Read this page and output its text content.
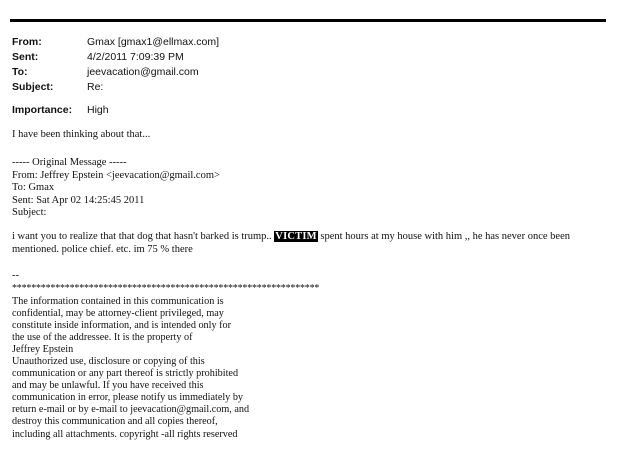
From:	Gmax [gmax1@ellmax.com]
Sent:	4/2/2011 7:09:39 PM
To:	jeevacation@gmail.com
Subject:	Re:
Importance: High
I have been thinking about that...
----- Original Message -----
From: Jeffrey Epstein <jeevacation@gmail.com>
To: Gmax
Sent: Sat Apr 02 14:25:45 2011
Subject:
i want you to realize that that dog that hasn't barked is trump.. VICTIM spent hours at my house with him ,, he has never once been mentioned. police chief. etc. im 75 % there
--
****************************************************************
The information contained in this communication is
confidential, may be attorney-client privileged, may
constitute inside information, and is intended only for
the use of the addressee. It is the property of
Jeffrey Epstein
Unauthorized use, disclosure or copying of this
communication or any part thereof is strictly prohibited
and may be unlawful. If you have received this
communication in error, please notify us immediately by
return e-mail or by e-mail to jeevacation@gmail.com, and
destroy this communication and all copies thereof,
including all attachments. copyright -all rights reserved
